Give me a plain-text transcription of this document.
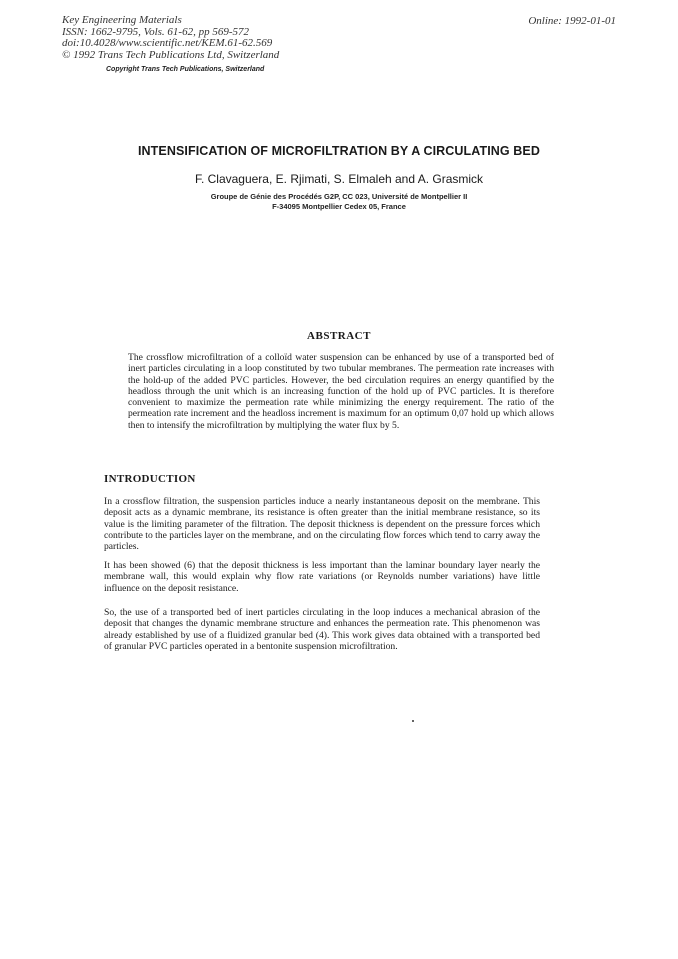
Key Engineering Materials
ISSN: 1662-9795, Vols. 61-62, pp 569-572
doi:10.4028/www.scientific.net/KEM.61-62.569
© 1992 Trans Tech Publications Ltd, Switzerland
Copyright Trans Tech Publications, Switzerland
Online: 1992-01-01
INTENSIFICATION OF MICROFILTRATION BY A CIRCULATING BED
F. Clavaguera, E. Rjimati, S. Elmaleh and A. Grasmick
Groupe de Génie des Procédés G2P, CC 023, Université de Montpellier II
F-34095 Montpellier Cedex 05, France
ABSTRACT
The crossflow microfiltration of a colloïd water suspension can be enhanced by use of a transported bed of inert particles circulating in a loop constituted by two tubular membranes. The permeation rate increases with the hold-up of the added PVC particles. However, the bed circulation requires an energy quantified by the headloss through the unit which is an increasing function of the hold up of PVC particles. It is therefore convenient to maximize the permeation rate while minimizing the energy requirement. The ratio of the permeation rate increment and the headloss increment is maximum for an optimum 0,07 hold up which allows then to intensify the microfiltration by multiplying the water flux by 5.
INTRODUCTION
In a crossflow filtration, the suspension particles induce a nearly instantaneous deposit on the membrane. This deposit acts as a dynamic membrane, its resistance is often greater than the initial membrane resistance, so its value is the limiting parameter of the filtration. The deposit thickness is dependent on the pressure forces which contribute to the particles layer on the membrane, and on the circulating flow forces which tend to carry away the particles.
It has been showed (6) that the deposit thickness is less important than the laminar boundary layer nearly the membrane wall, this would explain why flow rate variations (or Reynolds number variations) have little influence on the deposit resistance.
So, the use of a transported bed of inert particles circulating in the loop induces a mechanical abrasion of the deposit that changes the dynamic membrane structure and enhances the permeation rate. This phenomenon was already established by use of a fluidized granular bed (4). This work gives data obtained with a transported bed of granular PVC particles operated in a bentonite suspension microfiltration.
